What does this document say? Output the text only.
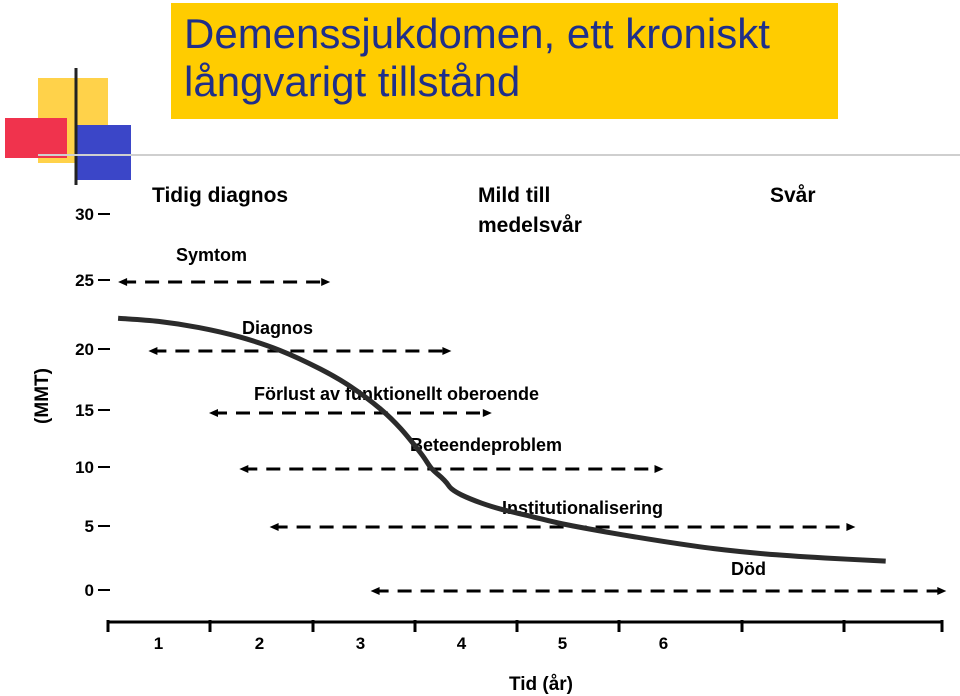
Demenssjukdomen, ett kroniskt långvarigt tillstånd
0
5
10
15
20
25
30
1	2	3	4	5	6
Symtom
Diagnos
Förlust av funktionellt oberoende
Beteendeproblem
Institutionalisering
Död
Tidig diagnos	Mild till medelsvår
Svår
(MMT)
Tid (år)
